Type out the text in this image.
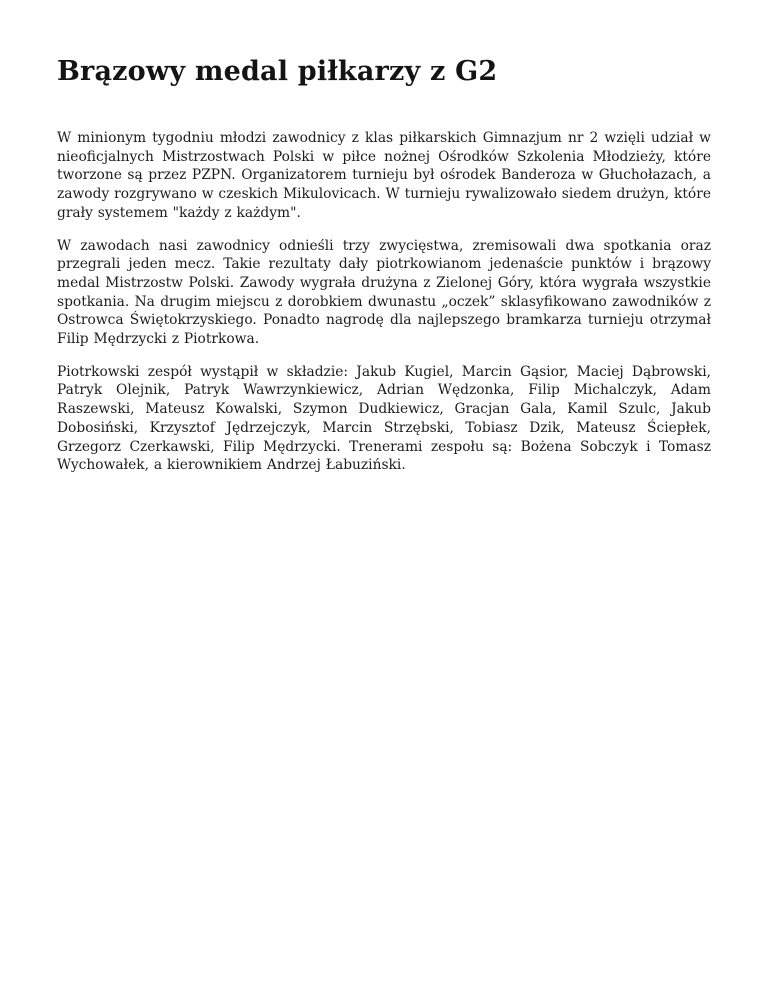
Brązowy medal piłkarzy z G2

W minionym tygodniu młodzi zawodnicy z klas piłkarskich Gimnazjum nr 2 wzięli udział w nieoficjalnych Mistrzostwach Polski w piłce nożnej Ośrodków Szkolenia Młodzieży, które tworzone są przez PZPN. Organizatorem turnieju był ośrodek Banderoza w Głuchołazach, a zawody rozgrywano w czeskich Mikulovicach. W turnieju rywalizowało siedem drużyn, które grały systemem "każdy z każdym".

W zawodach nasi zawodnicy odnieśli trzy zwycięstwa, zremisowali dwa spotkania oraz przegrali jeden mecz. Takie rezultaty dały piotrkowianom jedenaście punktów i brązowy medal Mistrzostw Polski. Zawody wygrała drużyna z Zielonej Góry, która wygrała wszystkie spotkania. Na drugim miejscu z dorobkiem dwunastu „oczek” sklasyfikowano zawodników z Ostrowca Świętokrzyskiego. Ponadto nagrodę dla najlepszego bramkarza turnieju otrzymał Filip Mędrzycki z Piotrkowa.

Piotrkowski zespół wystąpił w składzie: Jakub Kugiel, Marcin Gąsior, Maciej Dąbrowski, Patryk Olejnik, Patryk Wawrzynkiewicz, Adrian Wędzonka, Filip Michalczyk, Adam Raszewski, Mateusz Kowalski, Szymon Dudkiewicz, Gracjan Gala, Kamil Szulc, Jakub Dobosiński, Krzysztof Jędrzejczyk, Marcin Strzębski, Tobiasz Dzik, Mateusz Ściepłek, Grzegorz Czerkawski, Filip Mędrzycki. Trenerami zespołu są: Bożena Sobczyk i Tomasz Wychowałek, a kierownikiem Andrzej Łabuziński.
